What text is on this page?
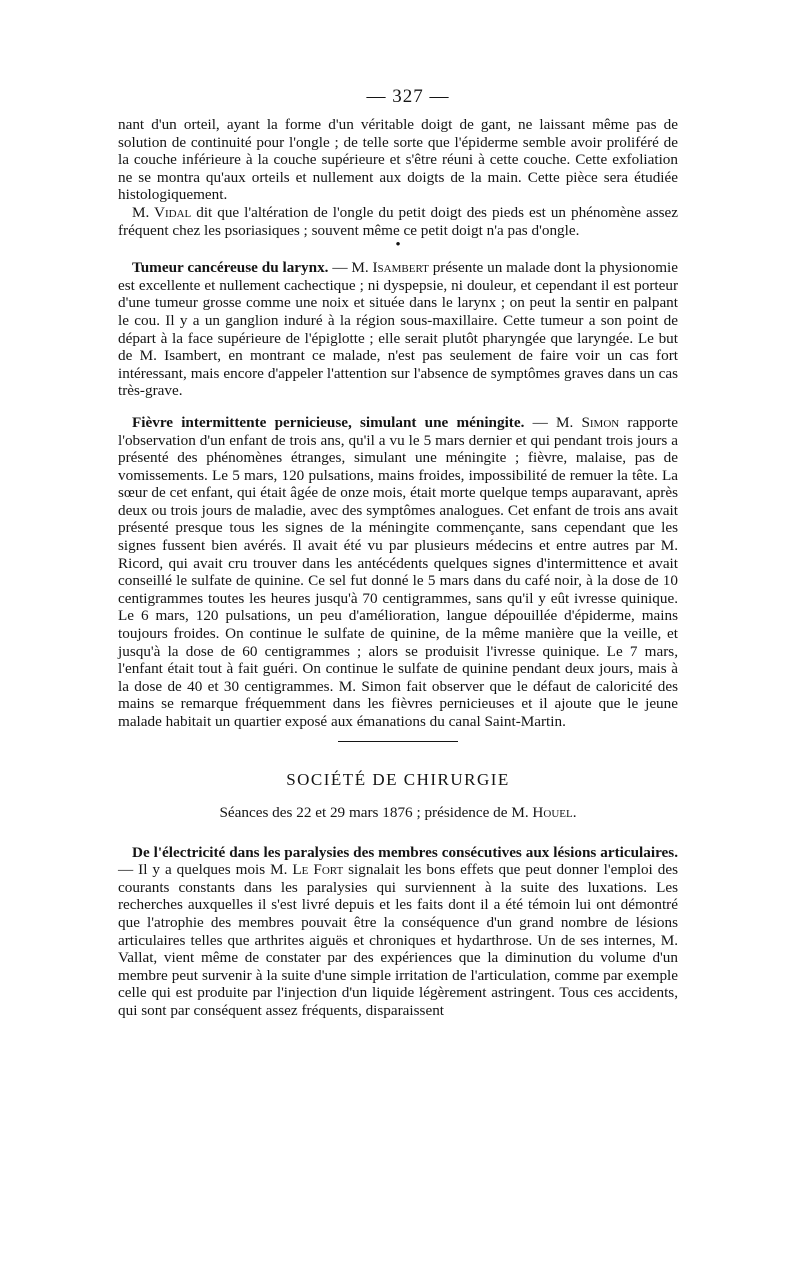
— 327 —

nant d'un orteil, ayant la forme d'un véritable doigt de gant, ne laissant même pas de solution de continuité pour l'ongle ; de telle sorte que l'épiderme semble avoir proliféré de la couche inférieure à la couche supérieure et s'être réuni à cette couche. Cette exfoliation ne se montra qu'aux orteils et nullement aux doigts de la main. Cette pièce sera étudiée histologiquement.

M. Vidal dit que l'altération de l'ongle du petit doigt des pieds est un phénomène assez fréquent chez les psoriasiques ; souvent même ce petit doigt n'a pas d'ongle.

•

Tumeur cancéreuse du larynx. — M. Isambert présente un malade dont la physionomie est excellente et nullement cachectique ; ni dyspepsie, ni douleur, et cependant il est porteur d'une tumeur grosse comme une noix et située dans le larynx ; on peut la sentir en palpant le cou. Il y a un ganglion induré à la région sous-maxillaire. Cette tumeur a son point de départ à la face supérieure de l'épiglotte ; elle serait plutôt pharyngée que laryngée. Le but de M. Isambert, en montrant ce malade, n'est pas seulement de faire voir un cas fort intéressant, mais encore d'appeler l'attention sur l'absence de symptômes graves dans un cas très-grave.

Fièvre intermittente pernicieuse, simulant une méningite. — M. Simon rapporte l'observation d'un enfant de trois ans, qu'il a vu le 5 mars dernier et qui pendant trois jours a présenté des phénomènes étranges, simulant une méningite ; fièvre, malaise, pas de vomissements. Le 5 mars, 120 pulsations, mains froides, impossibilité de remuer la tête. La sœur de cet enfant, qui était âgée de onze mois, était morte quelque temps auparavant, après deux ou trois jours de maladie, avec des symptômes analogues. Cet enfant de trois ans avait présenté presque tous les signes de la méningite commençante, sans cependant que les signes fussent bien avérés. Il avait été vu par plusieurs médecins et entre autres par M. Ricord, qui avait cru trouver dans les antécédents quelques signes d'intermittence et avait conseillé le sulfate de quinine. Ce sel fut donné le 5 mars dans du café noir, à la dose de 10 centigrammes toutes les heures jusqu'à 70 centigrammes, sans qu'il y eût ivresse quinique. Le 6 mars, 120 pulsations, un peu d'amélioration, langue dépouillée d'épiderme, mains toujours froides. On continue le sulfate de quinine, de la même manière que la veille, et jusqu'à la dose de 60 centigrammes ; alors se produisit l'ivresse quinique. Le 7 mars, l'enfant était tout à fait guéri. On continue le sulfate de quinine pendant deux jours, mais à la dose de 40 et 30 centigrammes. M. Simon fait observer que le défaut de caloricité des mains se remarque fréquemment dans les fièvres pernicieuses et il ajoute que le jeune malade habitait un quartier exposé aux émanations du canal Saint-Martin.

SOCIÉTÉ DE CHIRURGIE
Séances des 22 et 29 mars 1876 ; présidence de M. Houel.

De l'électricité dans les paralysies des membres consécutives aux lésions articulaires. — Il y a quelques mois M. Le Fort signalait les bons effets que peut donner l'emploi des courants constants dans les paralysies qui surviennent à la suite des luxations. Les recherches auxquelles il s'est livré depuis et les faits dont il a été témoin lui ont démontré que l'atrophie des membres pouvait être la conséquence d'un grand nombre de lésions articulaires telles que arthrites aiguës et chroniques et hydarthrose. Un de ses internes, M. Vallat, vient même de constater par des expériences que la diminution du volume d'un membre peut survenir à la suite d'une simple irritation de l'articulation, comme par exemple celle qui est produite par l'injection d'un liquide légèrement astringent. Tous ces accidents, qui sont par conséquent assez fréquents, disparaissent
